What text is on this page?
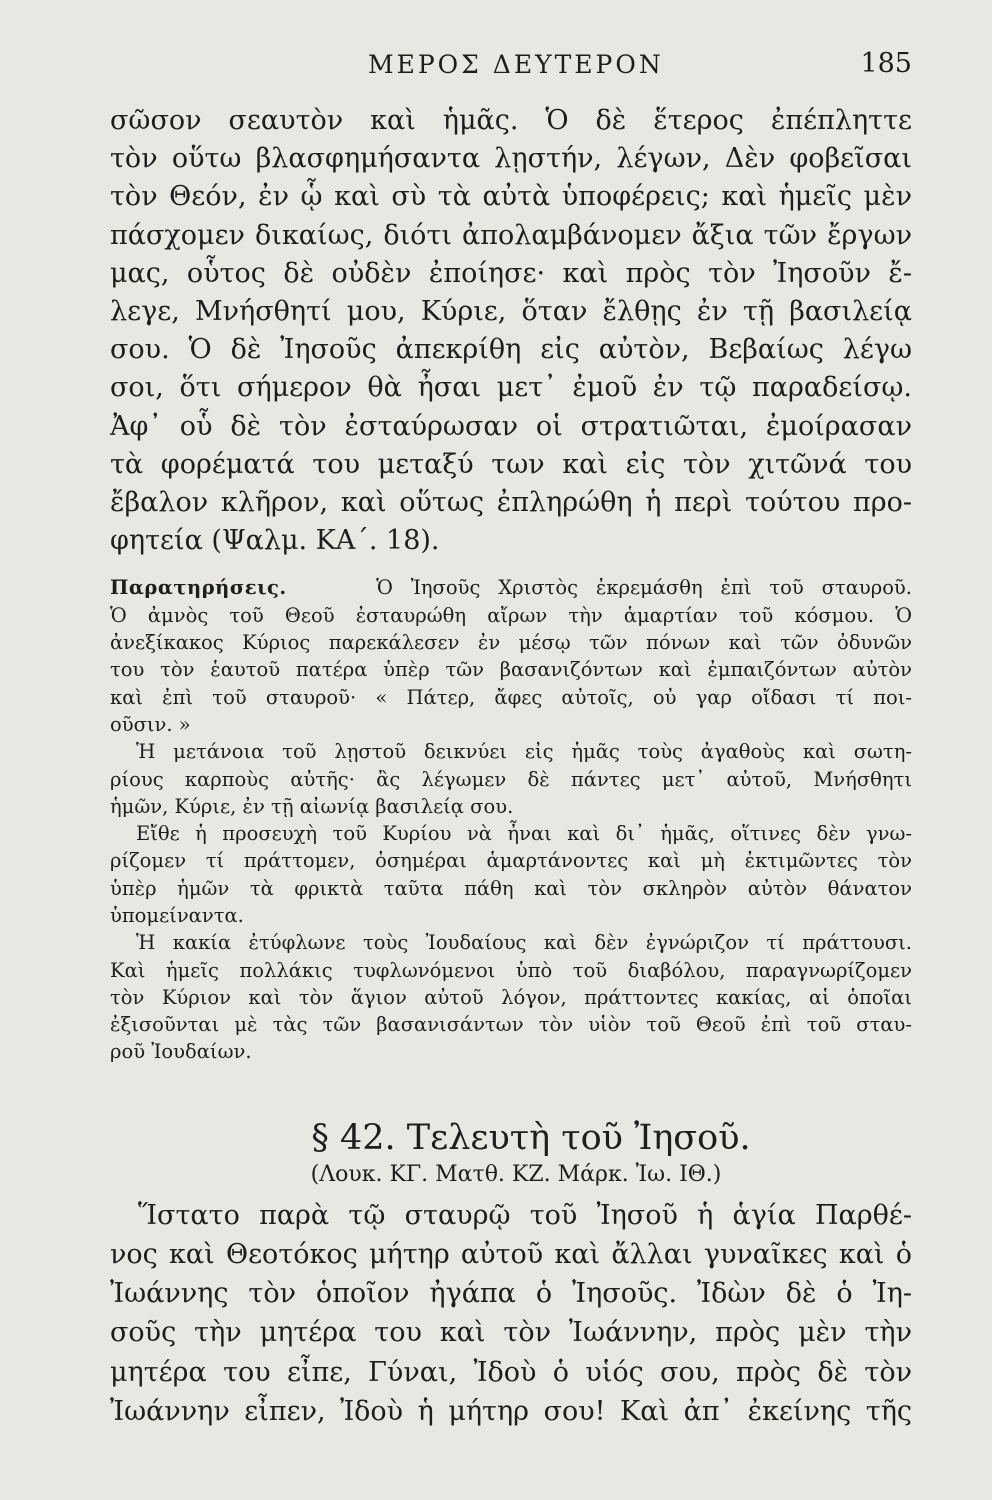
ΜΕΡΟΣ ΔΕΥΤΕΡΟΝ	185

σῶσον σεαυτὸν καὶ ἡμᾶς. Ὁ δὲ ἕτερος ἐπέπληττε

τὸν οὕτω βλασφημήσαντα λῃστήν, λέγων, Δὲν φοβεῖσαι

τὸν Θεόν, ἐν ᾧ καὶ σὺ τὰ αὐτὰ ὑποφέρεις; καὶ ἡμεῖς μὲν

πάσχομεν δικαίως, διότι ἀπολαμβάνομεν ἄξια τῶν ἔργων

μας, οὗτος δὲ οὐδὲν ἐποίησε· καὶ πρὸς τὸν Ἰησοῦν ἔ-

λεγε, Μνήσθητί μου, Κύριε, ὅταν ἔλθῃς ἐν τῇ βασιλείᾳ

σου. Ὁ δὲ Ἰησοῦς ἀπεκρίθη εἰς αὐτὸν, Βεβαίως λέγω

σοι, ὅτι σήμερον θὰ ἦσαι μετ᾽ ἐμοῦ ἐν τῷ παραδείσῳ.

Ἀφ᾽ οὗ δὲ τὸν ἐσταύρωσαν οἱ στρατιῶται, ἐμοίρασαν

τὰ φορέματά του μεταξύ των καὶ εἰς τὸν χιτῶνά του

ἔβαλον κλῆρον, καὶ οὕτως ἐπληρώθη ἡ περὶ τούτου προ-

φητεία (Ψαλμ. ΚΑ΄. 18).

Παρατηρήσεις.	Ὁ Ἰησοῦς Χριστὸς ἐκρεμάσθη ἐπὶ τοῦ σταυροῦ.

Ὁ ἀμνὸς τοῦ Θεοῦ ἐσταυρώθη αἴρων τὴν ἁμαρτίαν τοῦ κόσμου. Ὁ

ἀνεξίκακος Κύριος παρεκάλεσεν ἐν μέσῳ τῶν πόνων καὶ τῶν ὀδυνῶν

του τὸν ἑαυτοῦ πατέρα ὑπὲρ τῶν βασανιζόντων καὶ ἐμπαιζόντων αὐτὸν

καὶ ἐπὶ τοῦ σταυροῦ· « Πάτερ, ἄφες αὐτοῖς, οὐ γαρ οἴδασι τί ποι-

οῦσιν. »

Ἡ μετάνοια τοῦ λῃστοῦ δεικνύει εἰς ἡμᾶς τοὺς ἀγαθοὺς καὶ σωτη-

ρίους καρποὺς αὐτῆς· ἂς λέγωμεν δὲ πάντες μετ᾽ αὐτοῦ, Μνήσθητι

ἡμῶν, Κύριε, ἐν τῇ αἰωνίᾳ βασιλείᾳ σου.

Εἴθε ἡ προσευχὴ τοῦ Κυρίου νὰ ἦναι καὶ δι᾽ ἡμᾶς, οἵτινες δὲν γνω-

ρίζομεν τί πράττομεν, ὁσημέραι ἁμαρτάνοντες καὶ μὴ ἐκτιμῶντες τὸν

ὑπὲρ ἡμῶν τὰ φρικτὰ ταῦτα πάθη καὶ τὸν σκληρὸν αὐτὸν θάνατον

ὑπομείναντα.

Ἡ κακία ἐτύφλωνε τοὺς Ἰουδαίους καὶ δὲν ἐγνώριζον τί πράττουσι.

Καὶ ἡμεῖς πολλάκις τυφλωνόμενοι ὑπὸ τοῦ διαβόλου, παραγνωρίζομεν

τὸν Κύριον καὶ τὸν ἅγιον αὐτοῦ λόγον, πράττοντες κακίας, αἱ ὁποῖαι

ἐξισοῦνται μὲ τὰς τῶν βασανισάντων τὸν υἱὸν τοῦ Θεοῦ ἐπὶ τοῦ σταυ-

ροῦ Ἰουδαίων.

§ 42. Τελευτὴ τοῦ Ἰησοῦ.
(Λουκ. ΚΓ. Ματθ. ΚΖ. Μάρκ. Ἰω. ΙΘ.)

Ἵστατο παρὰ τῷ σταυρῷ τοῦ Ἰησοῦ ἡ ἁγία Παρθέ-

νος καὶ Θεοτόκος μήτηρ αὐτοῦ καὶ ἄλλαι γυναῖκες καὶ ὁ

Ἰωάννης τὸν ὁποῖον ἠγάπα ὁ Ἰησοῦς. Ἰδὼν δὲ ὁ Ἰη-

σοῦς τὴν μητέρα του καὶ τὸν Ἰωάννην, πρὸς μὲν τὴν

μητέρα του εἶπε, Γύναι, Ἰδοὺ ὁ υἱός σου, πρὸς δὲ τὸν

Ἰωάννην εἶπεν, Ἰδοὺ ἡ μήτηρ σου! Καὶ ἀπ᾽ ἐκείνης τῆς
